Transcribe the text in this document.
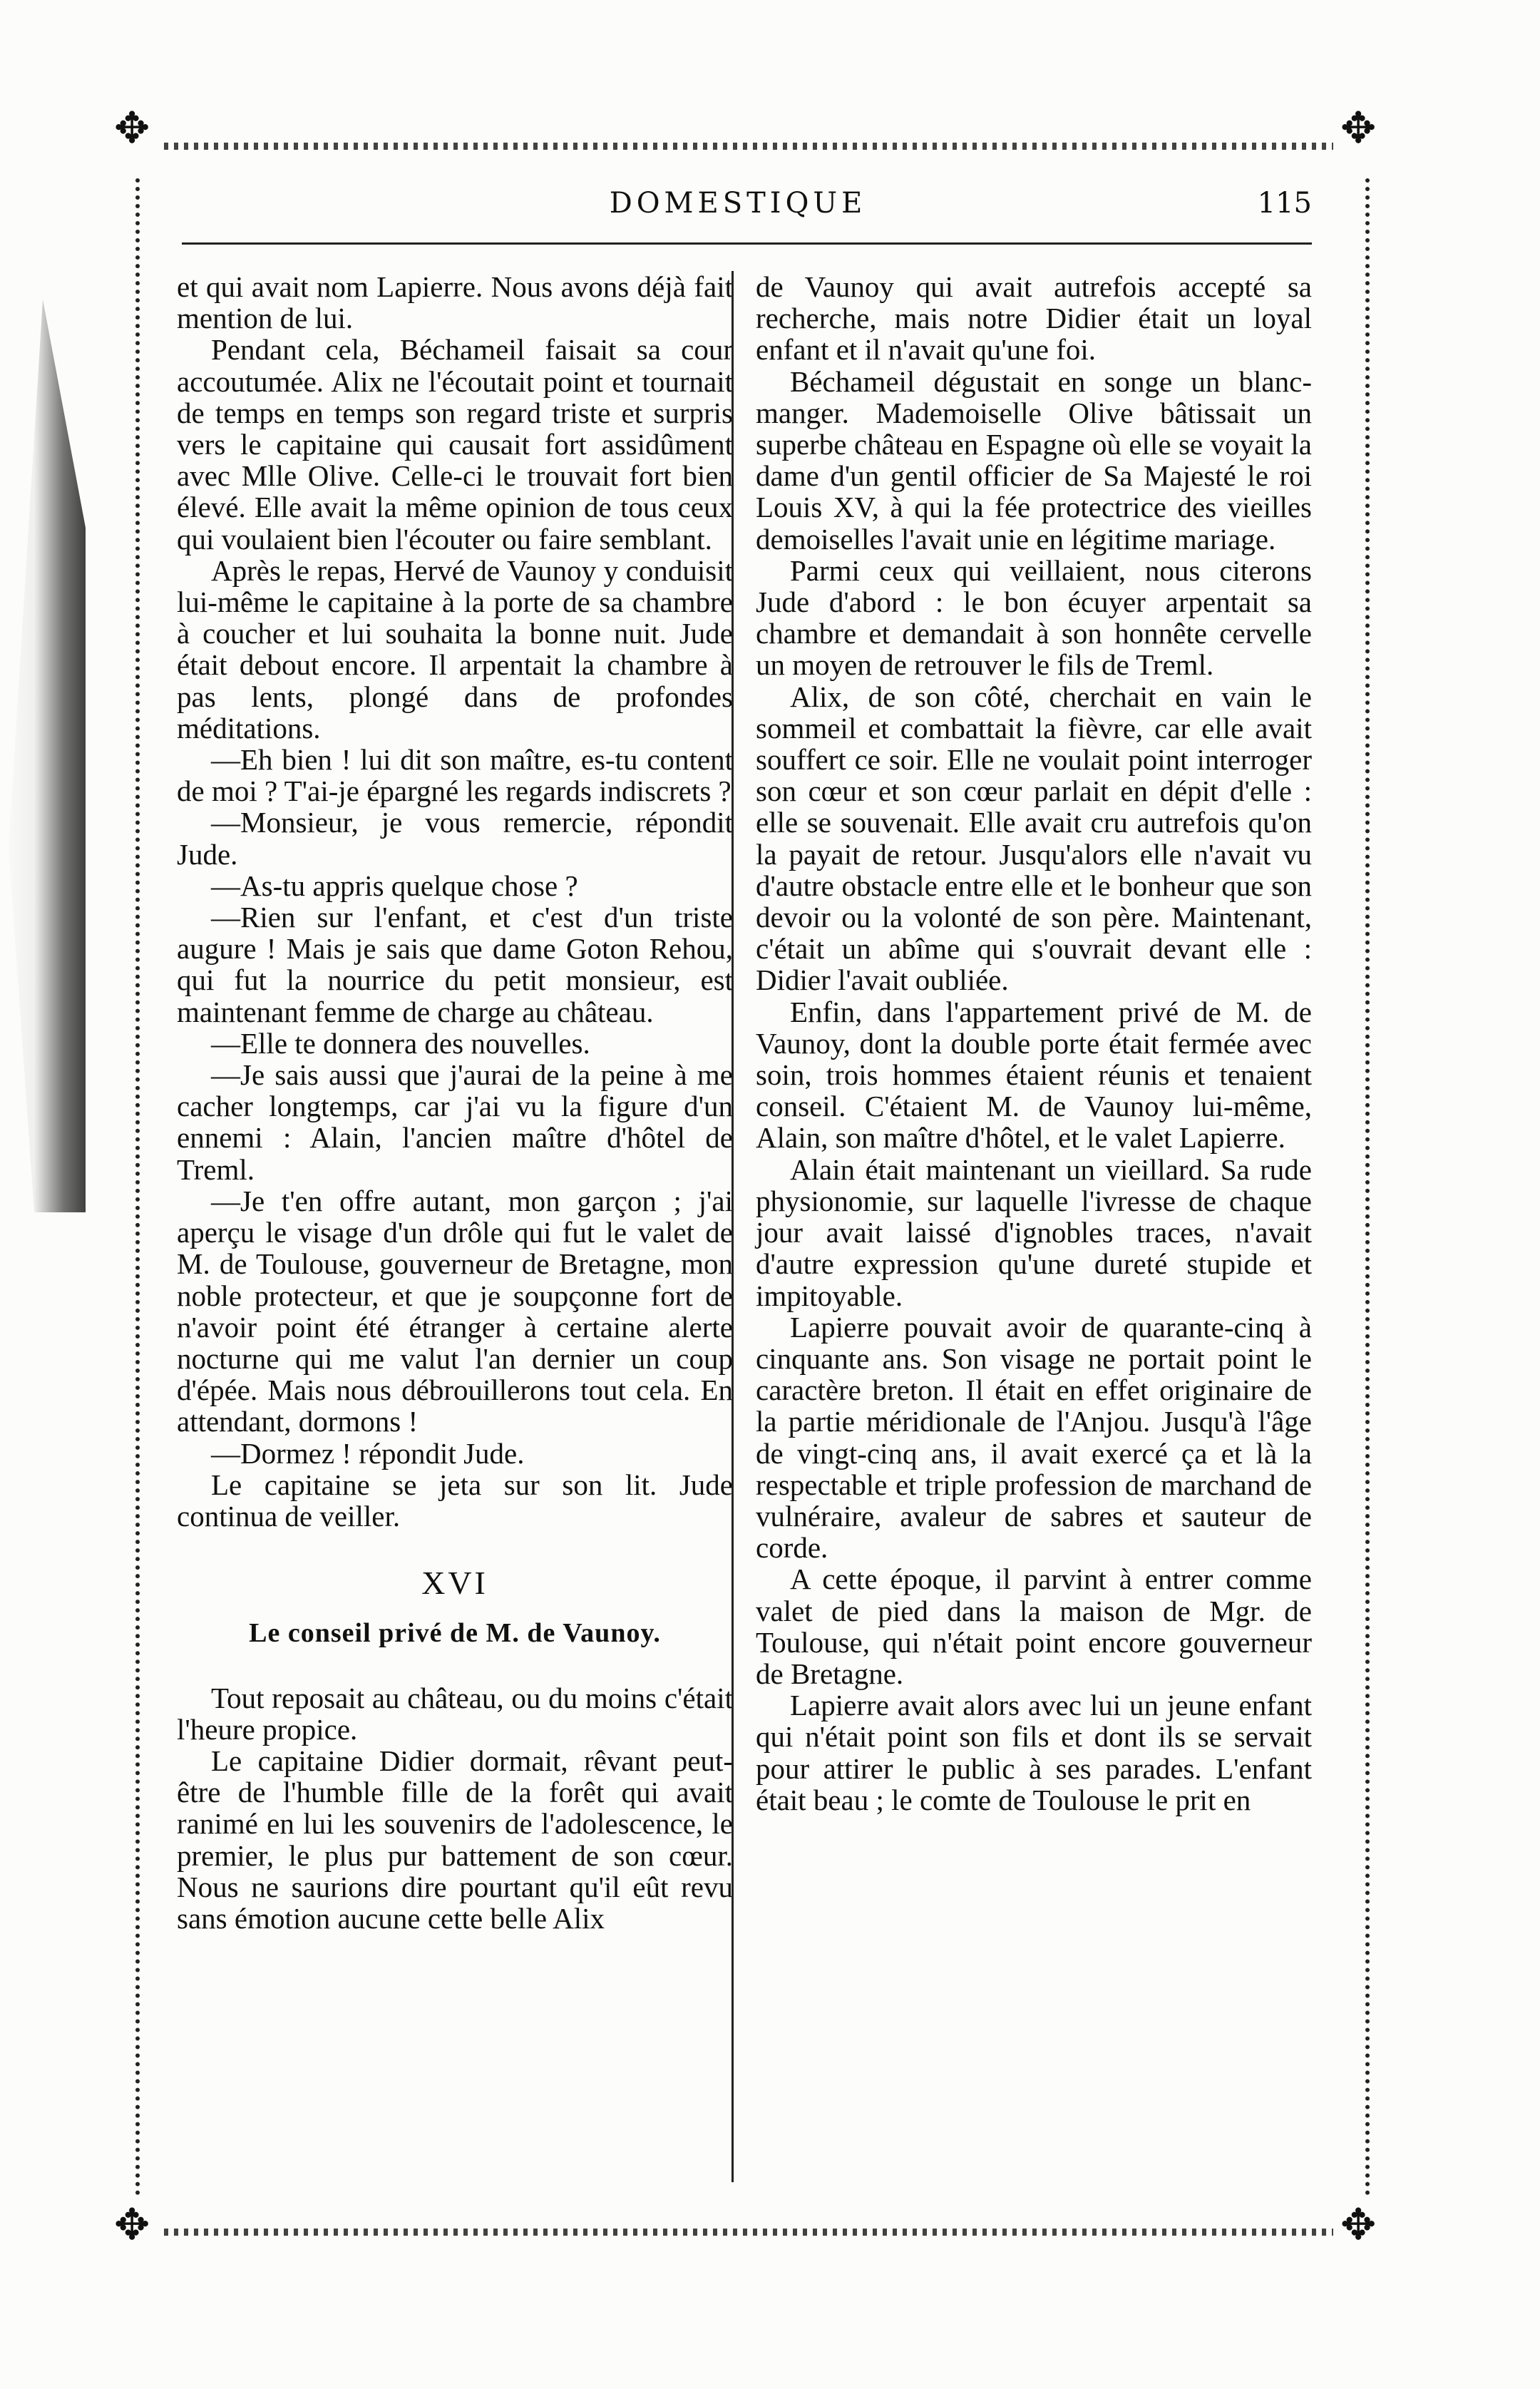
✥	✥
✥	✥
DOMESTIQUE	115

et qui avait nom Lapierre. Nous avons déjà fait mention de lui.

Pendant cela, Béchameil faisait sa cour accoutumée. Alix ne l'écoutait point et tournait de temps en temps son regard triste et surpris vers le capitaine qui causait fort assidûment avec Mlle Olive. Celle-ci le trouvait fort bien élevé. Elle avait la même opinion de tous ceux qui voulaient bien l'écouter ou faire semblant.

Après le repas, Hervé de Vaunoy y conduisit lui-même le capitaine à la porte de sa chambre à coucher et lui souhaita la bonne nuit. Jude était debout encore. Il arpentait la chambre à pas lents, plongé dans de profondes méditations.

—Eh bien ! lui dit son maître, es-tu content de moi ? T'ai-je épargné les regards indiscrets ?

—Monsieur, je vous remercie, répondit Jude.

—As-tu appris quelque chose ?

—Rien sur l'enfant, et c'est d'un triste augure ! Mais je sais que dame Goton Rehou, qui fut la nourrice du petit monsieur, est maintenant femme de charge au château.

—Elle te donnera des nouvelles.

—Je sais aussi que j'aurai de la peine à me cacher longtemps, car j'ai vu la figure d'un ennemi : Alain, l'ancien maître d'hôtel de Treml.

—Je t'en offre autant, mon garçon ; j'ai aperçu le visage d'un drôle qui fut le valet de M. de Toulouse, gouverneur de Bretagne, mon noble protecteur, et que je soupçonne fort de n'avoir point été étranger à certaine alerte nocturne qui me valut l'an dernier un coup d'épée. Mais nous débrouillerons tout cela. En attendant, dormons !

—Dormez ! répondit Jude.

Le capitaine se jeta sur son lit. Jude continua de veiller.

XVI
Le conseil privé de M. de Vaunoy.

Tout reposait au château, ou du moins c'était l'heure propice.

Le capitaine Didier dormait, rêvant peut-être de l'humble fille de la forêt qui avait ranimé en lui les souvenirs de l'adolescence, le premier, le plus pur battement de son cœur. Nous ne saurions dire pourtant qu'il eût revu sans émotion aucune cette belle Alix

de Vaunoy qui avait autrefois accepté sa recherche, mais notre Didier était un loyal enfant et il n'avait qu'une foi.

Béchameil dégustait en songe un blanc-manger. Mademoiselle Olive bâtissait un superbe château en Espagne où elle se voyait la dame d'un gentil officier de Sa Majesté le roi Louis XV, à qui la fée protectrice des vieilles demoiselles l'avait unie en légitime mariage.

Parmi ceux qui veillaient, nous citerons Jude d'abord : le bon écuyer arpentait sa chambre et demandait à son honnête cervelle un moyen de retrouver le fils de Treml.

Alix, de son côté, cherchait en vain le sommeil et combattait la fièvre, car elle avait souffert ce soir. Elle ne voulait point interroger son cœur et son cœur parlait en dépit d'elle : elle se souvenait. Elle avait cru autrefois qu'on la payait de retour. Jusqu'alors elle n'avait vu d'autre obstacle entre elle et le bonheur que son devoir ou la volonté de son père. Maintenant, c'était un abîme qui s'ouvrait devant elle : Didier l'avait oubliée.

Enfin, dans l'appartement privé de M. de Vaunoy, dont la double porte était fermée avec soin, trois hommes étaient réunis et tenaient conseil. C'étaient M. de Vaunoy lui-même, Alain, son maître d'hôtel, et le valet Lapierre.

Alain était maintenant un vieillard. Sa rude physionomie, sur laquelle l'ivresse de chaque jour avait laissé d'ignobles traces, n'avait d'autre expression qu'une dureté stupide et impitoyable.

Lapierre pouvait avoir de quarante-cinq à cinquante ans. Son visage ne portait point le caractère breton. Il était en effet originaire de la partie méridionale de l'Anjou. Jusqu'à l'âge de vingt-cinq ans, il avait exercé ça et là la respectable et triple profession de marchand de vulnéraire, avaleur de sabres et sauteur de corde.

A cette époque, il parvint à entrer comme valet de pied dans la maison de Mgr. de Toulouse, qui n'était point encore gouverneur de Bretagne.

Lapierre avait alors avec lui un jeune enfant qui n'était point son fils et dont ils se servait pour attirer le public à ses parades. L'enfant était beau ; le comte de Toulouse le prit en
